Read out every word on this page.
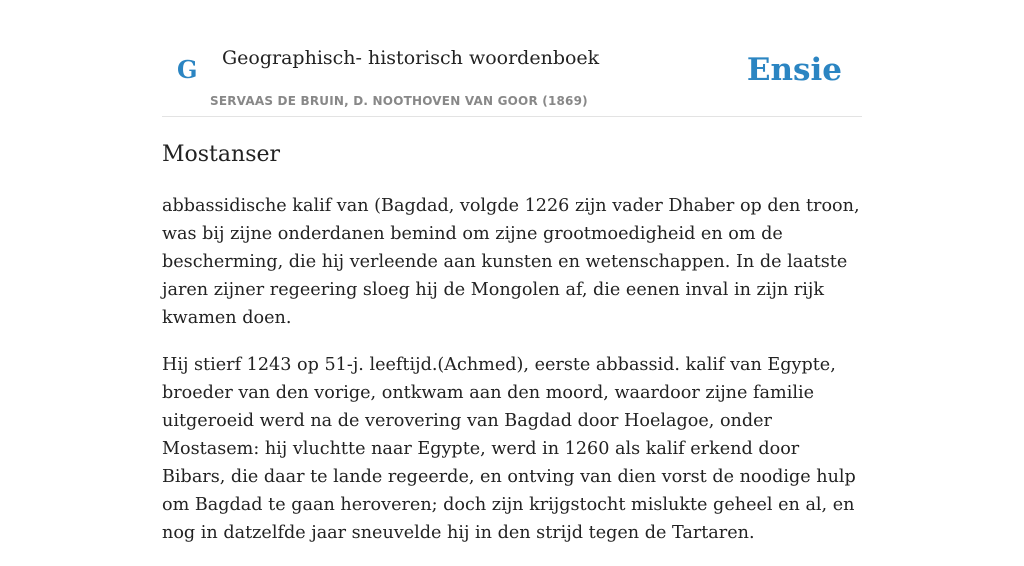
G Geographisch- historisch woordenboek
SERVAAS DE BRUIN, D. NOOTHOVEN VAN GOOR (1869)
Ensie
Mostanser

abbassidische kalif van (Bagdad, volgde 1226 zijn vader Dhaber op den troon, was bij zijne onderdanen bemind om zijne grootmoedigheid en om de bescherming, die hij verleende aan kunsten en wetenschappen. In de laatste jaren zijner regeering sloeg hij de Mongolen af, die eenen inval in zijn rijk kwamen doen.

Hij stierf 1243 op 51-j. leeftijd.(Achmed), eerste abbassid. kalif van Egypte, broeder van den vorige, ontkwam aan den moord, waardoor zijne familie uitgeroeid werd na de verovering van Bagdad door Hoelagoe, onder Mostasem: hij vluchtte naar Egypte, werd in 1260 als kalif erkend door Bibars, die daar te lande regeerde, en ontving van dien vorst de noodige hulp om Bagdad te gaan heroveren; doch zijn krijgstocht mislukte geheel en al, en nog in datzelfde jaar sneuvelde hij in den strijd tegen de Tartaren.
